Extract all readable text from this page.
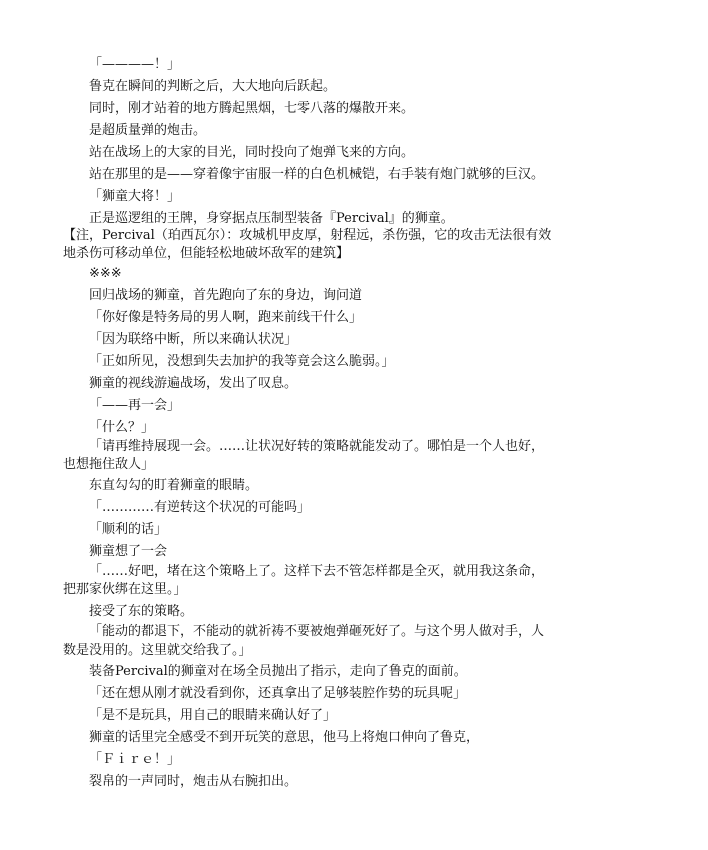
「————！」
鲁克在瞬间的判断之后，大大地向后跃起。
同时，刚才站着的地方腾起黑烟，七零八落的爆散开来。
是超质量弹的炮击。
站在战场上的大家的目光，同时投向了炮弹飞来的方向。
站在那里的是——穿着像宇宙服一样的白色机械铠，右手装有炮门就够的巨汉。
「狮童大将！」
正是巡逻组的王牌，身穿据点压制型装备『Percival』的狮童。
【注，Percival（珀西瓦尔）：攻城机甲皮厚，射程远，杀伤强，它的攻击无法很有效
地杀伤可移动单位，但能轻松地破坏敌军的建筑】
※※※
回归战场的狮童，首先跑向了东的身边，询问道
「你好像是特务局的男人啊，跑来前线干什么」
「因为联络中断，所以来确认状况」
「正如所见，没想到失去加护的我等竟会这么脆弱。」
狮童的视线游遍战场，发出了叹息。
「——再一会」
「什么？」
「请再维持展现一会。……让状况好转的策略就能发动了。哪怕是一个人也好，
也想拖住敌人」
东直勾勾的盯着狮童的眼睛。
「…………有逆转这个状况的可能吗」
「顺利的话」
狮童想了一会
「……好吧，堵在这个策略上了。这样下去不管怎样都是全灭，就用我这条命，
把那家伙绑在这里。」
接受了东的策略。
「能动的都退下，不能动的就祈祷不要被炮弹砸死好了。与这个男人做对手，人
数是没用的。这里就交给我了。」
装备Percival的狮童对在场全员抛出了指示，走向了鲁克的面前。
「还在想从刚才就没看到你，还真拿出了足够装腔作势的玩具呢」
「是不是玩具，用自己的眼睛来确认好了」
狮童的话里完全感受不到开玩笑的意思，他马上将炮口伸向了鲁克，
「Ｆｉｒｅ！」
裂帛的一声同时，炮击从右腕扣出。
